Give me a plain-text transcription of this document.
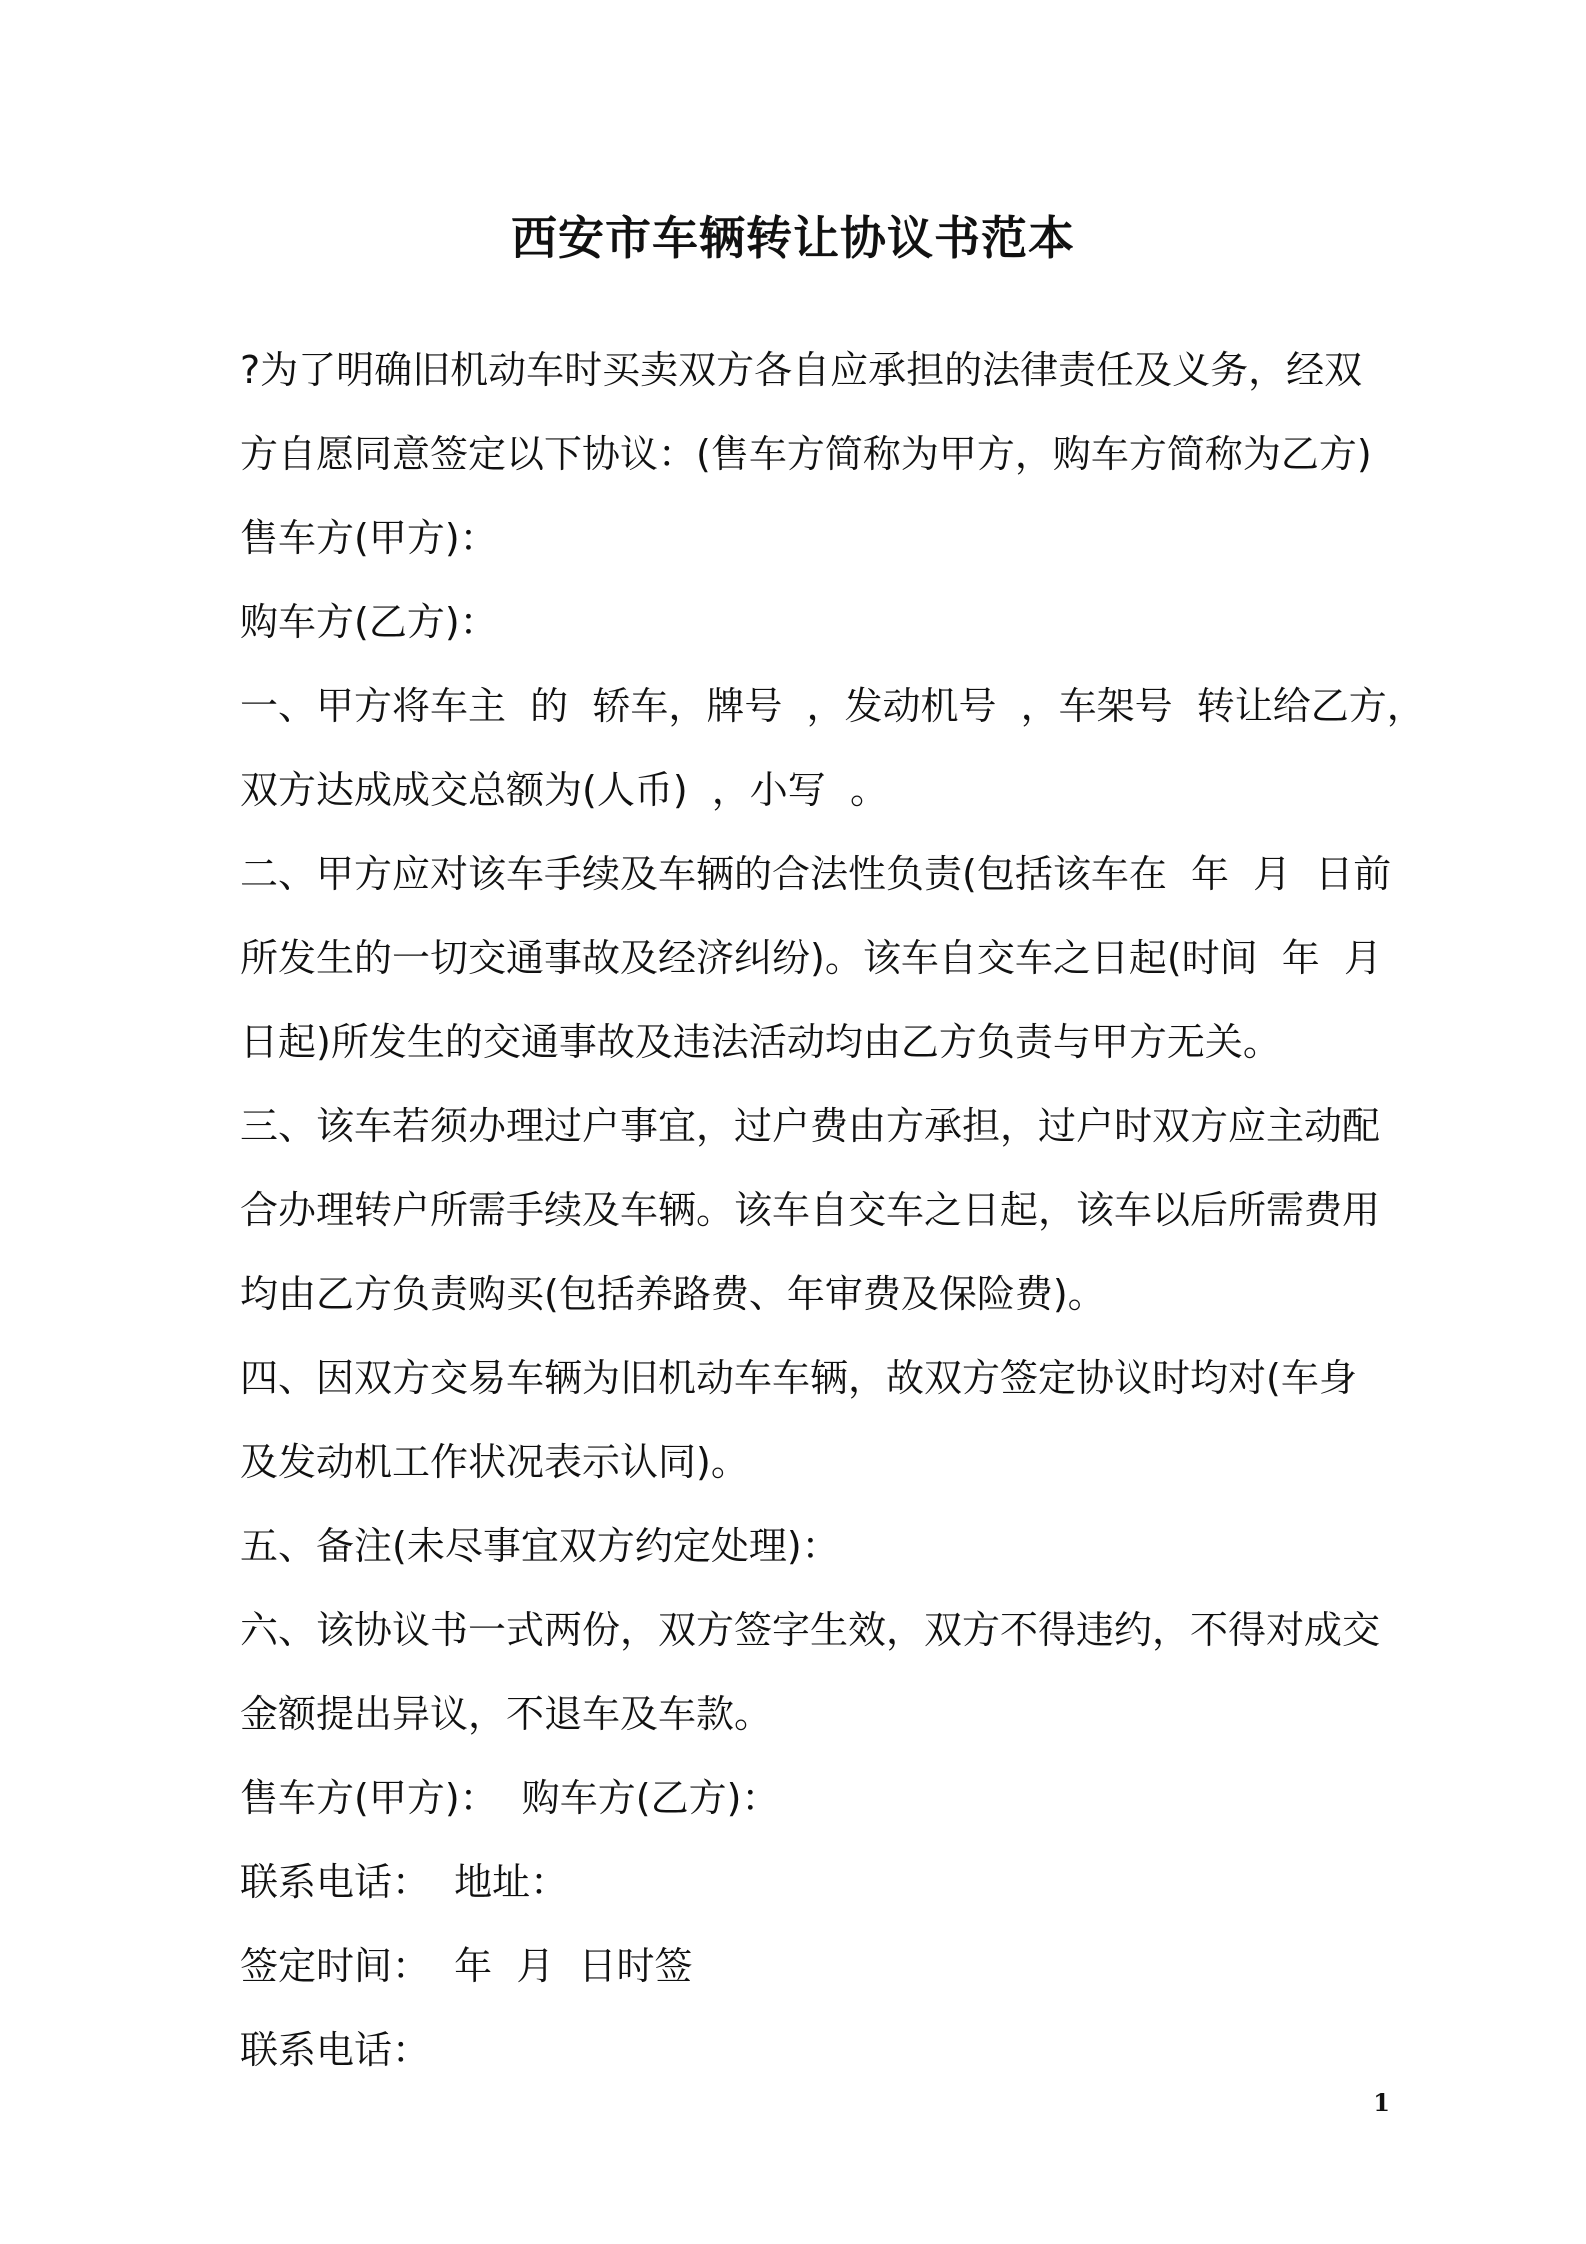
西安市车辆转让协议书范本
?为了明确旧机动车时买卖双方各自应承担的法律责任及义务，经双
方自愿同意签定以下协议：(售车方简称为甲方，购车方简称为乙方)
售车方(甲方)：
购车方(乙方)：
一、甲方将车主  的  轿车，牌号  ，发动机号  ，车架号  转让给乙方，
双方达成成交总额为(人币)  ，小写  。
二、甲方应对该车手续及车辆的合法性负责(包括该车在  年  月  日前
所发生的一切交通事故及经济纠纷)。该车自交车之日起(时间  年  月
日起)所发生的交通事故及违法活动均由乙方负责与甲方无关。
三、该车若须办理过户事宜，过户费由方承担，过户时双方应主动配
合办理转户所需手续及车辆。该车自交车之日起，该车以后所需费用
均由乙方负责购买(包括养路费、年审费及保险费)。
四、因双方交易车辆为旧机动车车辆，故双方签定协议时均对(车身
及发动机工作状况表示认同)。
五、备注(未尽事宜双方约定处理)：
六、该协议书一式两份，双方签字生效，双方不得违约，不得对成交
金额提出异议，不退车及车款。
售车方(甲方)：  购车方(乙方)：
联系电话：  地址：
签定时间：  年  月  日时签
联系电话：
1
